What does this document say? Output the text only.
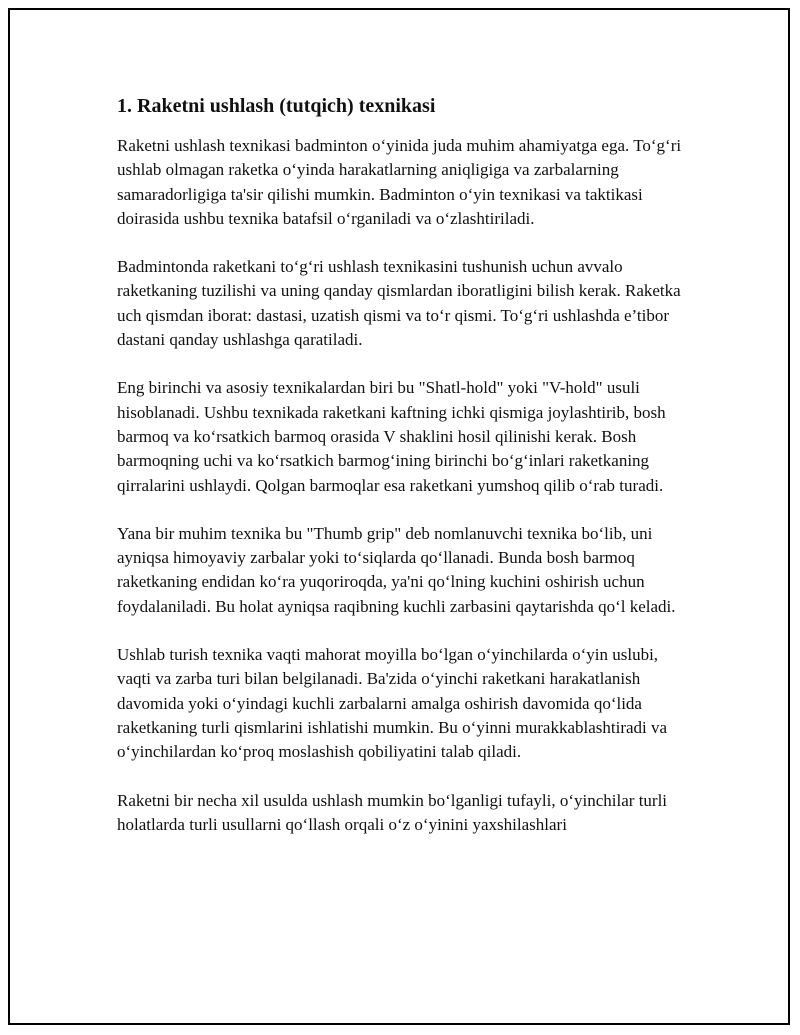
1. Raketni ushlash (tutqich) texnikasi

Raketni ushlash texnikasi badminton o‘yinida juda muhim ahamiyatga ega. To‘g‘ri ushlab olmagan raketka o‘yinda harakatlarning aniqligiga va zarbalarning samaradorligiga ta'sir qilishi mumkin. Badminton o‘yin texnikasi va taktikasi doirasida ushbu texnika batafsil o‘rganiladi va o‘zlashtiriladi.

Badmintonda raketkani to‘g‘ri ushlash texnikasini tushunish uchun avvalo raketkaning tuzilishi va uning qanday qismlardan iboratligini bilish kerak. Raketka uch qismdan iborat: dastasi, uzatish qismi va to‘r qismi. To‘g‘ri ushlashda e’tibor dastani qanday ushlashga qaratiladi.

Eng birinchi va asosiy texnikalardan biri bu "Shatl-hold" yoki "V-hold" usuli hisoblanadi. Ushbu texnikada raketkani kaftning ichki qismiga joylashtirib, bosh barmoq va ko‘rsatkich barmoq orasida V shaklini hosil qilinishi kerak. Bosh barmoqning uchi va ko‘rsatkich barmog‘ining birinchi bo‘g‘inlari raketkaning qirralarini ushlaydi. Qolgan barmoqlar esa raketkani yumshoq qilib o‘rab turadi.

Yana bir muhim texnika bu "Thumb grip" deb nomlanuvchi texnika bo‘lib, uni ayniqsa himoyaviy zarbalar yoki to‘siqlarda qo‘llanadi. Bunda bosh barmoq raketkaning endidan ko‘ra yuqoriroqda, ya'ni qo‘lning kuchini oshirish uchun foydalaniladi. Bu holat ayniqsa raqibning kuchli zarbasini qaytarishda qo‘l keladi.

Ushlab turish texnika vaqti mahorat moyilla bo‘lgan o‘yinchilarda o‘yin uslubi, vaqti va zarba turi bilan belgilanadi. Ba'zida o‘yinchi raketkani harakatlanish davomida yoki o‘yindagi kuchli zarbalarni amalga oshirish davomida qo‘lida raketkaning turli qismlarini ishlatishi mumkin. Bu o‘yinni murakkablashtiradi va o‘yinchilardan ko‘proq moslashish qobiliyatini talab qiladi.

Raketni bir necha xil usulda ushlash mumkin bo‘lganligi tufayli, o‘yinchilar turli holatlarda turli usullarni qo‘llash orqali o‘z o‘yinini yaxshilashlari
